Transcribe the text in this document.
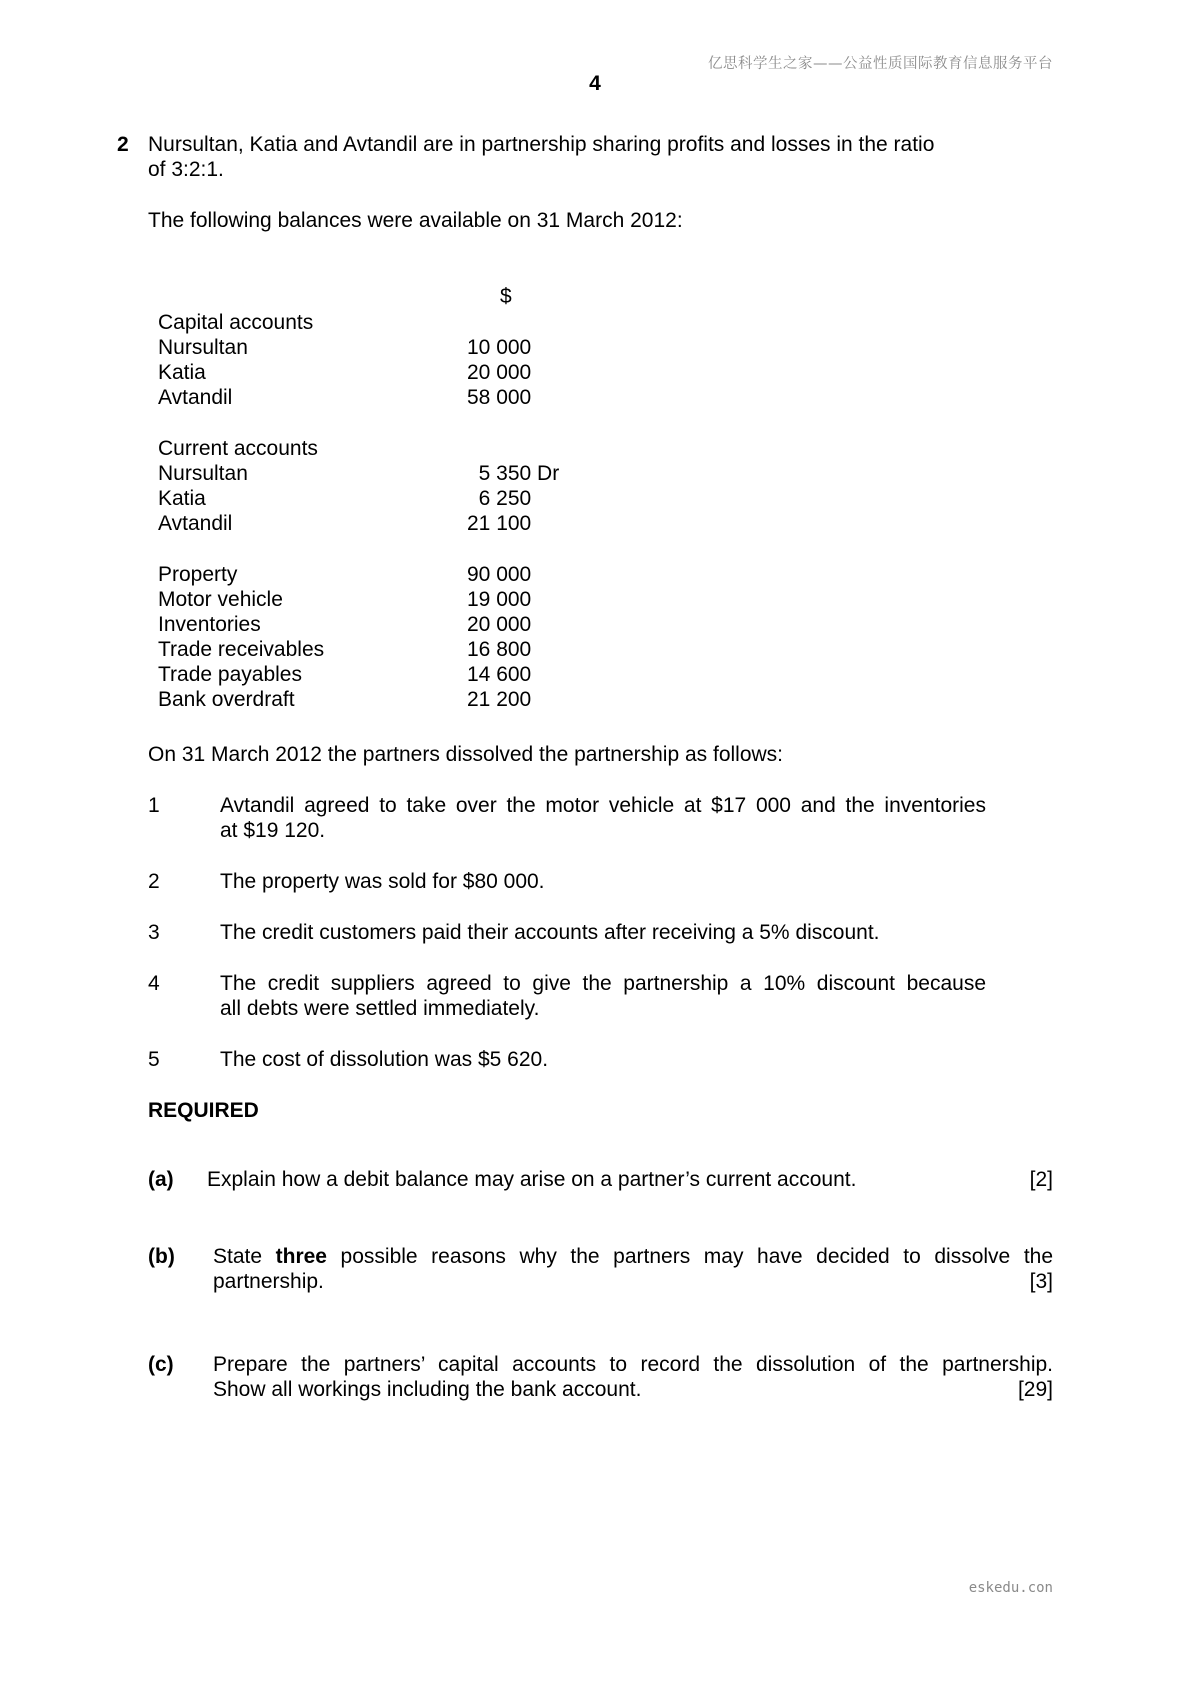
亿思科学生之家——公益性质国际教育信息服务平台
4
2 Nursultan, Katia and Avtandil are in partnership sharing profits and losses in the ratio
of 3:2:1.
The following balances were available on 31 March 2012:
$
Capital accounts
Nursultan	10 000
Katia	20 000
Avtandil	58 000
Current accounts
Nursultan	5 350 Dr
Katia	6 250
Avtandil	21 100
Property	90 000
Motor vehicle	19 000
Inventories	20 000
Trade receivables	16 800
Trade payables	14 600
Bank overdraft	21 200
On 31 March 2012 the partners dissolved the partnership as follows:
1	Avtandil agreed to take over the motor vehicle at $17 000 and the inventories
at $19 120.
2	The property was sold for $80 000.
3	The credit customers paid their accounts after receiving a 5% discount.
4	The credit suppliers agreed to give the partnership a 10% discount because
all debts were settled immediately.
5	The cost of dissolution was $5 620.
REQUIRED
(a) Explain how a debit balance may arise on a partner’s current account.	[2]
(b) State three possible reasons why the partners may have decided to dissolve the
partnership.	[3]
(c) Prepare the partners’ capital accounts to record the dissolution of the partnership.
Show all workings including the bank account.	[29]
eskedu.con
